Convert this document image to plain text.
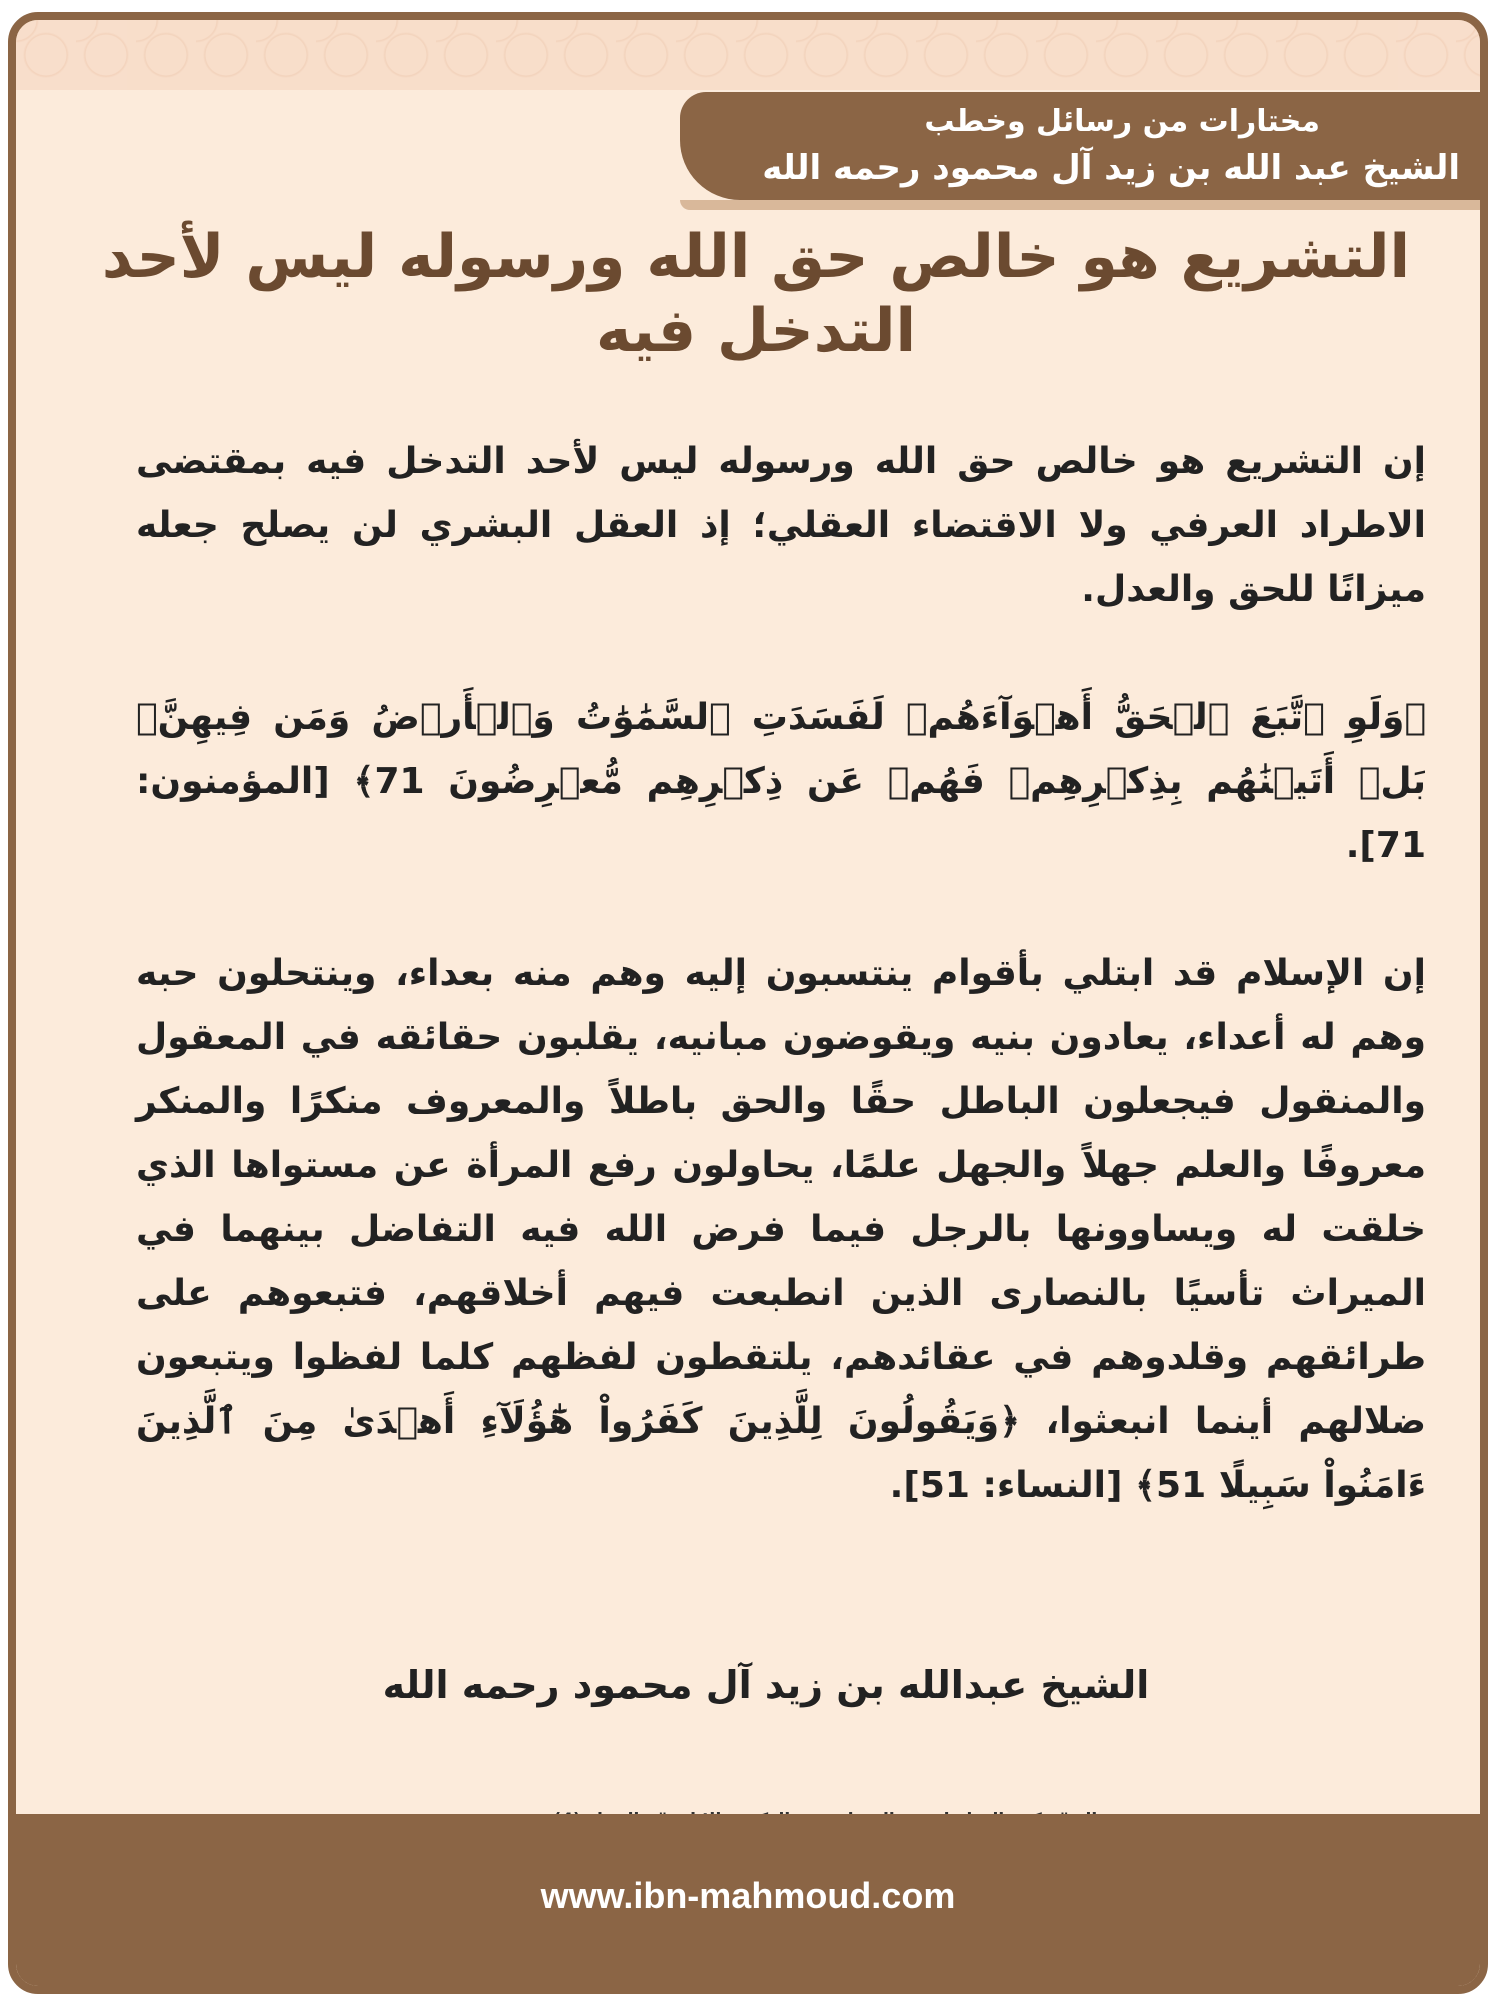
مختارات من رسائل وخطب
الشيخ عبد الله بن زيد آل محمود رحمه الله
التشريع هو خالص حق الله ورسوله ليس لأحد التدخل فيه

إن التشريع هو خالص حق الله ورسوله ليس لأحد التدخل فيه بمقتضى الاطراد العرفي ولا الاقتضاء العقلي؛ إذ العقل البشري لن يصلح جعله ميزانًا للحق والعدل.

﴿وَلَوِ ٱتَّبَعَ ٱلۡحَقُّ أَهۡوَآءَهُمۡ لَفَسَدَتِ ٱلسَّمَٰوَٰتُ وَٱلۡأَرۡضُ وَمَن فِيهِنَّۚ بَلۡ أَتَيۡنَٰهُم بِذِكۡرِهِمۡ فَهُمۡ عَن ذِكۡرِهِم مُّعۡرِضُونَ 71﴾ [المؤمنون: 71].

إن الإسلام قد ابتلي بأقوام ينتسبون إليه وهم منه بعداء، وينتحلون حبه وهم له أعداء، يعادون بنيه ويقوضون مبانيه، يقلبون حقائقه في المعقول والمنقول فيجعلون الباطل حقًا والحق باطلاً والمعروف منكرًا والمنكر معروفًا والعلم جهلاً والجهل علمًا، يحاولون رفع المرأة عن مستواها الذي خلقت له ويساوونها بالرجل فيما فرض الله فيه التفاضل بينهما في الميراث تأسيًا بالنصارى الذين انطبعت فيهم أخلاقهم، فتبعوهم على طرائقهم وقلدوهم في عقائدهم، يلتقطون لفظهم كلما لفظوا ويتبعون ضلالهم أينما انبعثوا، ﴿وَيَقُولُونَ لِلَّذِينَ كَفَرُواْ هَٰٓؤُلَآءِ أَهۡدَىٰ مِنَ ٱلَّذِينَ ءَامَنُواْ سَبِيلًا 51﴾ [النساء: 51].

الشيخ عبدالله بن زيد آل محمود رحمه الله
www.ibn-mahmoud.com
